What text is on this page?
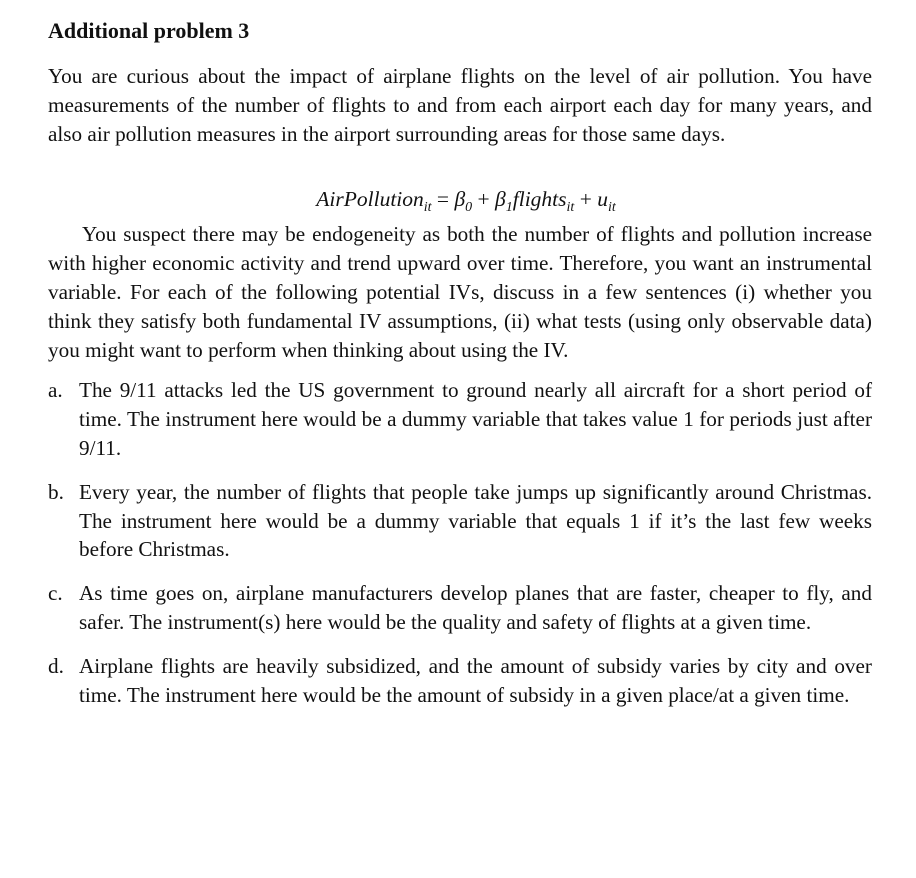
Additional problem 3

You are curious about the impact of airplane flights on the level of air pollution. You have measurements of the number of flights to and from each airport each day for many years, and also air pollution measures in the airport surrounding areas for those same days.

AirPollution$_{it}$ = $\beta_0$ + $\beta_1flights_{it} + u_{it}$

You suspect there may be endogeneity as both the number of flights and pollution increase with higher economic activity and trend upward over time. Therefore, you want an instrumental variable. For each of the following potential IVs, discuss in a few sentences (i) whether you think they satisfy both fundamental IV assumptions, (ii) what tests (using only observable data) you might want to perform when thinking about using the IV.

a. The 9/11 attacks led the US government to ground nearly all aircraft for a short period of time. The instrument here would be a dummy variable that takes value 1 for periods just after 9/11.
b. Every year, the number of flights that people take jumps up significantly around Christmas. The instrument here would be a dummy variable that equals 1 if it’s the last few weeks before Christmas.
c. As time goes on, airplane manufacturers develop planes that are faster, cheaper to fly, and safer. The instrument(s) here would be the quality and safety of flights at a given time.
d. Airplane flights are heavily subsidized, and the amount of subsidy varies by city and over time. The instrument here would be the amount of subsidy in a given place/at a given time.
